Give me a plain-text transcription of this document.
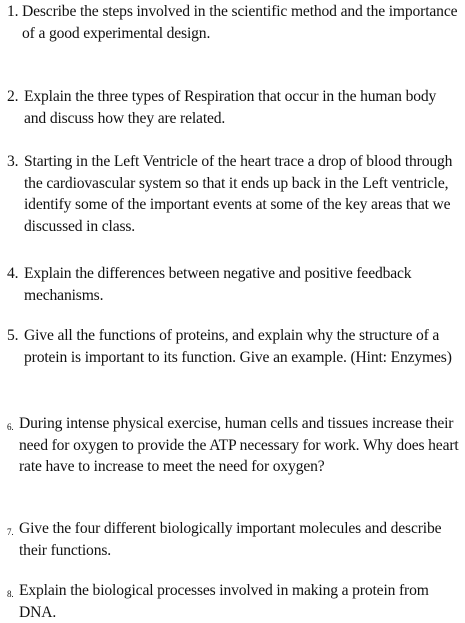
1. Describe the steps involved in the scientific method and the importance of a good experimental design.
2. Explain the three types of Respiration that occur in the human body and discuss how they are related.
3. Starting in the Left Ventricle of the heart trace a drop of blood through the cardiovascular system so that it ends up back in the Left ventricle, identify some of the important events at some of the key areas that we discussed in class.
4. Explain the differences between negative and positive feedback mechanisms.
5. Give all the functions of proteins, and explain why the structure of a protein is important to its function. Give an example. (Hint: Enzymes)
6. During intense physical exercise, human cells and tissues increase their need for oxygen to provide the ATP necessary for work. Why does heart rate have to increase to meet the need for oxygen?
7. Give the four different biologically important molecules and describe their functions.
8. Explain the biological processes involved in making a protein from DNA.
